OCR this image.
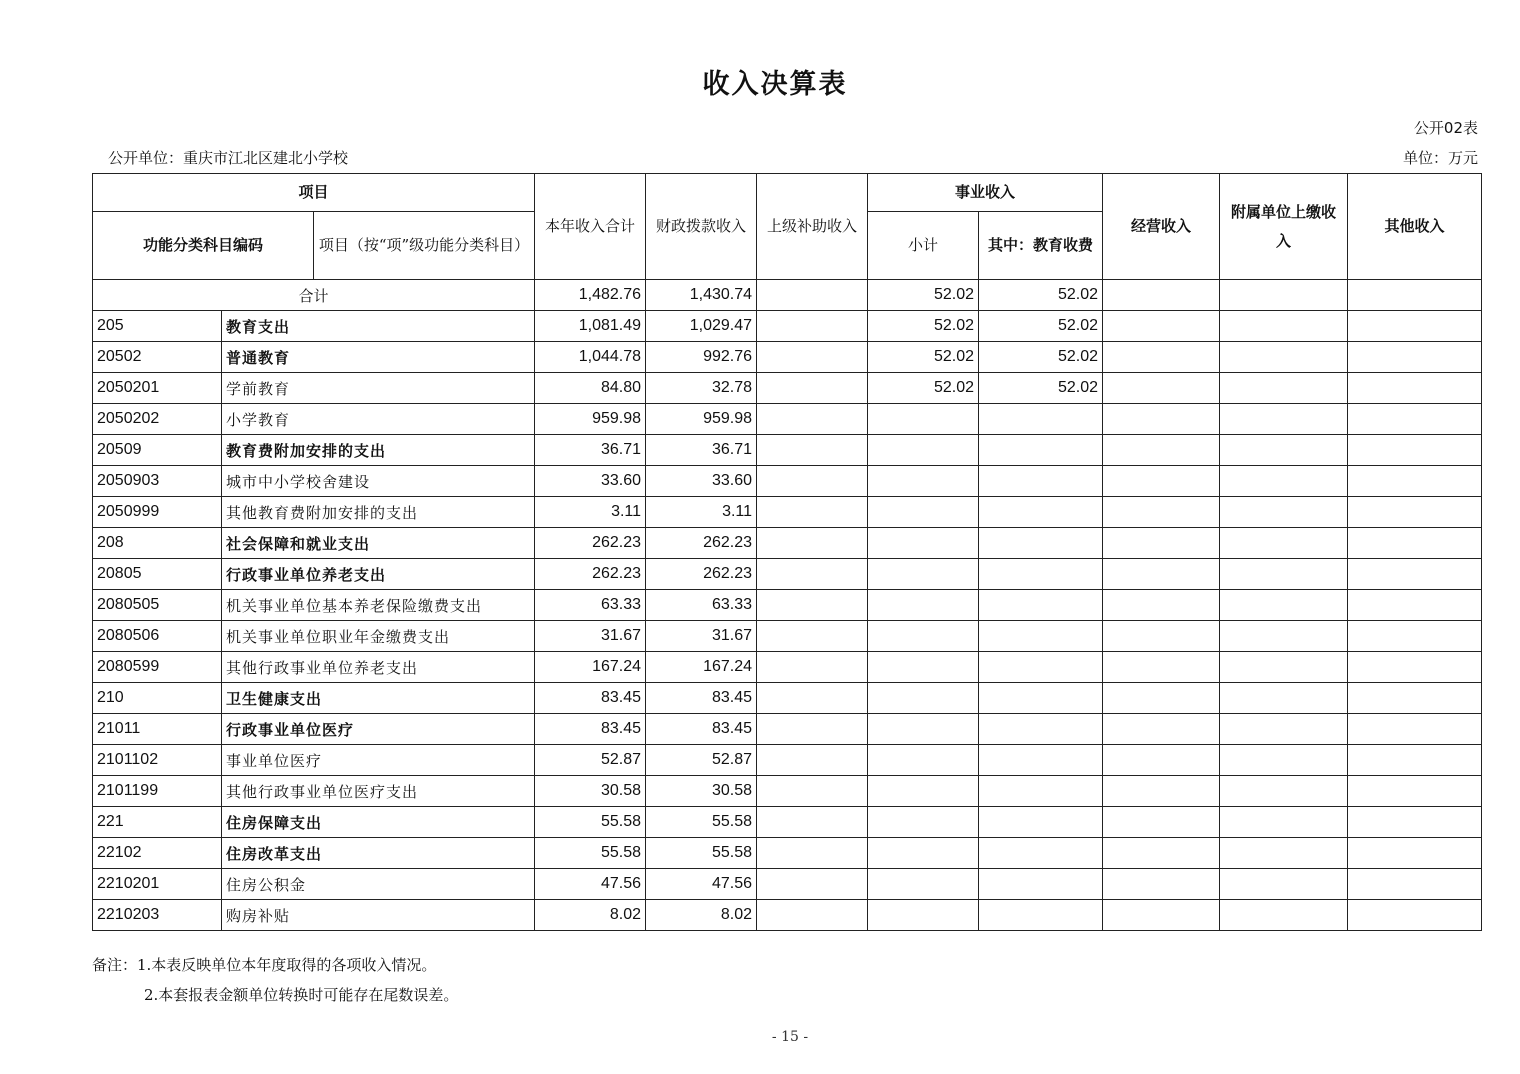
收入决算表
公开02表
公开单位：重庆市江北区建北小学校	单位：万元
项目			本年收入合计	财政拨款收入	上级补助收入	事业收入		经营收入	附属单位上缴收入	其他收入
功能分类科目编码		项目（按“项”级功能分类科目）				小计	其中：教育收费			
合计			1,482.76	1,430.74		52.02	52.02			
205	教育支出		1,081.49	1,029.47		52.02	52.02			
20502	普通教育		1,044.78	992.76		52.02	52.02			
2050201	学前教育		84.80	32.78		52.02	52.02			
2050202	小学教育		959.98	959.98						
20509	教育费附加安排的支出		36.71	36.71						
2050903	城市中小学校舍建设		33.60	33.60						
2050999	其他教育费附加安排的支出		3.11	3.11						
208	社会保障和就业支出		262.23	262.23						
20805	行政事业单位养老支出		262.23	262.23						
2080505	机关事业单位基本养老保险缴费支出		63.33	63.33						
2080506	机关事业单位职业年金缴费支出		31.67	31.67						
2080599	其他行政事业单位养老支出		167.24	167.24						
210	卫生健康支出		83.45	83.45						
21011	行政事业单位医疗		83.45	83.45						
2101102	事业单位医疗		52.87	52.87						
2101199	其他行政事业单位医疗支出		30.58	30.58						
221	住房保障支出		55.58	55.58						
22102	住房改革支出		55.58	55.58						
2210201	住房公积金		47.56	47.56						
2210203	购房补贴		8.02	8.02						
备注：1.本表反映单位本年度取得的各项收入情况。
2.本套报表金额单位转换时可能存在尾数误差。
- 15 -
